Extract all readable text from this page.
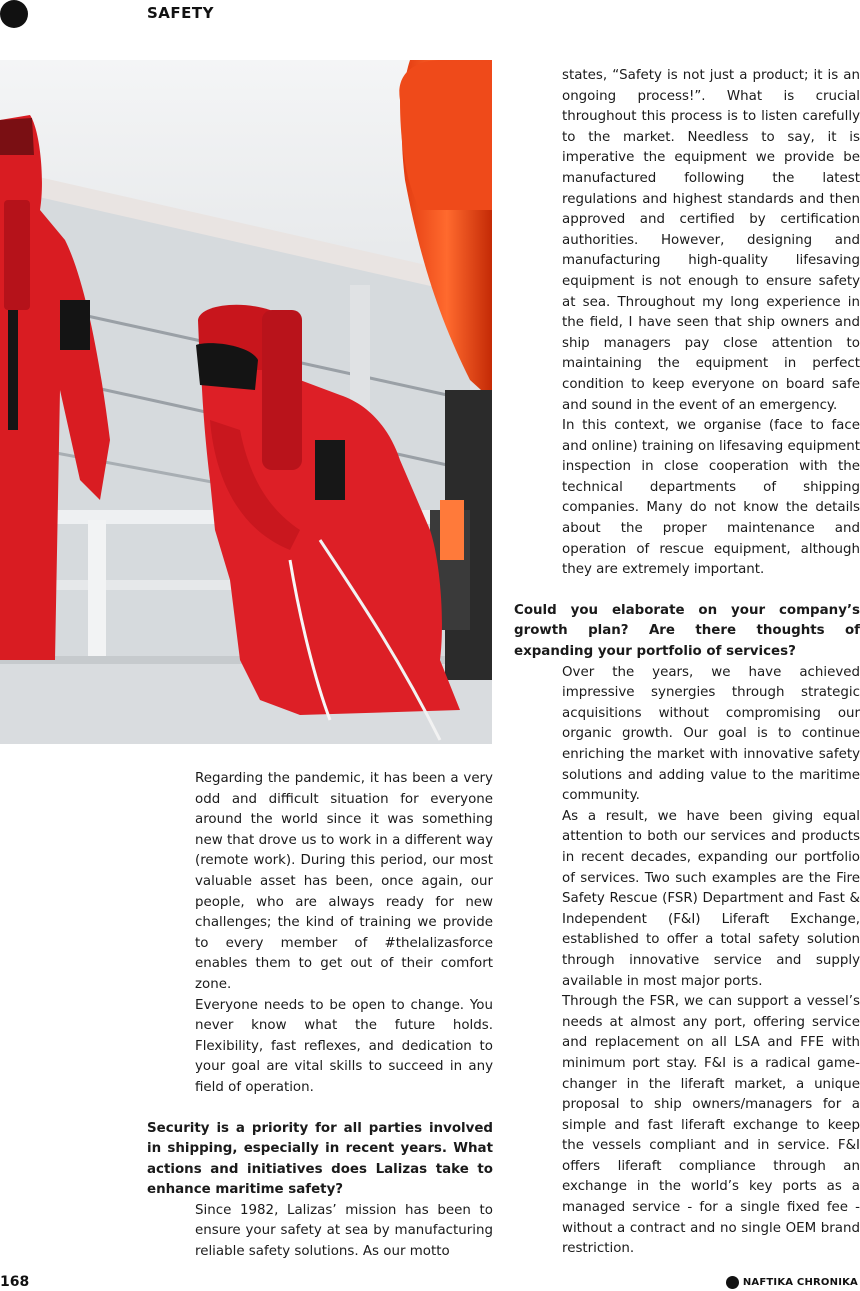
SAFETY

Regarding the pandemic, it has been a very odd and difficult situation for everyone around the world since it was something new that drove us to work in a different way (remote work). During this period, our most valuable asset has been, once again, our people, who are always ready for new challenges; the kind of training we provide to every member of #thelalizasforce enables them to get out of their comfort zone.

Everyone needs to be open to change. You never know what the future holds. Flexibility, fast reflexes, and dedication to your goal are vital skills to succeed in any field of operation.

Security is a priority for all parties involved in shipping, especially in recent years. What actions and initiatives does Lalizas take to enhance maritime safety?

Since 1982, Lalizas’ mission has been to ensure your safety at sea by manufacturing reliable safety solutions. As our motto

states, “Safety is not just a product; it is an ongoing process!”. What is crucial throughout this process is to listen carefully to the market. Needless to say, it is imperative the equipment we provide be manufactured following the latest regulations and highest standards and then approved and certified by certification authorities. However, designing and manufacturing high-quality lifesaving equipment is not enough to ensure safety at sea. Throughout my long experience in the field, I have seen that ship owners and ship managers pay close attention to maintaining the equipment in perfect condition to keep everyone on board safe and sound in the event of an emergency.

In this context, we organise (face to face and online) training on lifesaving equipment inspection in close cooperation with the technical departments of shipping companies. Many do not know the details about the proper maintenance and operation of rescue equipment, although they are extremely important.

Could you elaborate on your company’s growth plan? Are there thoughts of expanding your portfolio of services?

Over the years, we have achieved impressive synergies through strategic acquisitions without compromising our organic growth. Our goal is to continue enriching the market with innovative safety solutions and adding value to the maritime community.

As a result, we have been giving equal attention to both our services and products in recent decades, expanding our portfolio of services. Two such examples are the Fire Safety Rescue (FSR) Department and Fast & Independent (F&I) Liferaft Exchange, established to offer a total safety solution through innovative service and supply available in most major ports.

Through the FSR, we can support a vessel’s needs at almost any port, offering service and replacement on all LSA and FFE with minimum port stay. F&I is a radical game-changer in the liferaft market, a unique proposal to ship owners/managers for a simple and fast liferaft exchange to keep the vessels compliant and in service. F&I offers liferaft compliance through an exchange in the world’s key ports as a managed service - for a single fixed fee - without a contract and no single OEM brand restriction.

168	NAFTIKA CHRONIKA
